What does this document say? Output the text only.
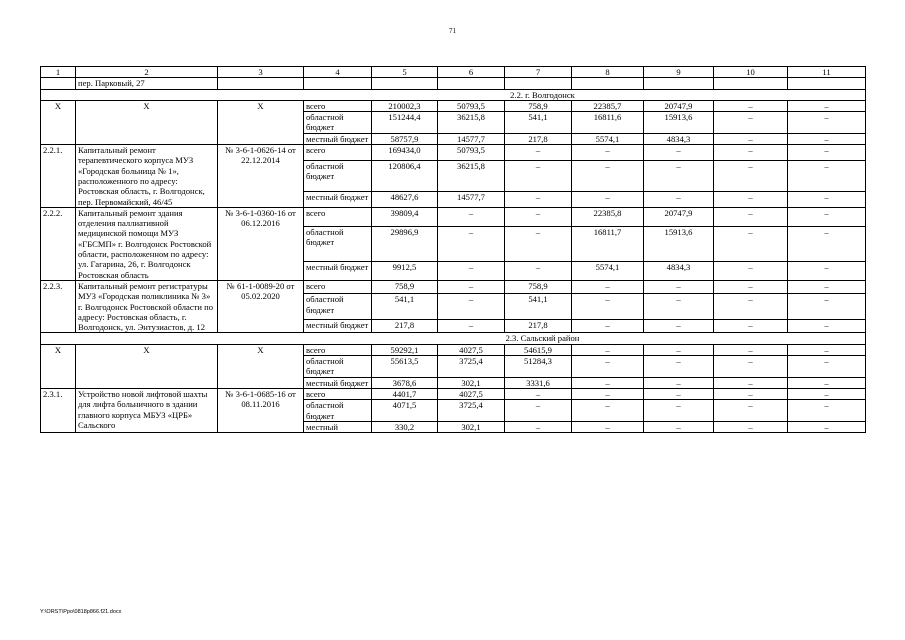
71
1	2	3	4	5	6	7	8	9	10	11
	пер. Парковый, 27									
				2.2. г. Волгодонск						
Х	Х	Х	всего	210002,3	50793,5	758,9	22385,7	20747,9	–	–
			областной бюджет	151244,4	36215,8	541,1	16811,6	15913,6	–	–
			местный бюджет	58757,9	14577,7	217,8	5574,1	4834,3	–	–
2.2.1.	Капитальный ремонт терапевтического корпуса МУЗ «Городская больница № 1», расположенного по адресу: Ростовская область, г. Волгодонск, пер. Первомайский, 46/45	№ 3-6-1-0626-14 от 22.12.2014	всего	169434,0	50793,5	–	–	–	–	–
			областной бюджет	120806,4	36215,8	–	–	–	–	–
			местный бюджет	48627,6	14577,7	–	–	–	–	–
2.2.2.	Капитальный ремонт здания отделения паллиативной медицинской помощи МУЗ «ГБСМП» г. Волгодонск Ростовской области, расположенном по адресу: ул. Гагарина, 26, г. Волгодонск Ростовская область	№ 3-6-1-0360-16 от 06.12.2016	всего	39809,4	–	–	22385,8	20747,9	–	–
			областной бюджет	29896,9	–	–	16811,7	15913,6	–	–
			местный бюджет	9912,5	–	–	5574,1	4834,3	–	–
2.2.3.	Капитальный ремонт регистратуры МУЗ «Городская поликлиника № 3» г. Волгодонск Ростовской области по адресу: Ростовская область, г. Волгодонск, ул. Энтузиастов, д. 12	№ 61-1-0089-20 от 05.02.2020	всего	758,9	–	758,9	–	–	–	–
			областной бюджет	541,1	–	541,1	–	–	–	–
			местный бюджет	217,8	–	217,8	–	–	–	–
				2.3. Сальский район						
Х	Х	Х	всего	59292,1	4027,5	54615,9	–	–	–	–
			областной бюджет	55613,5	3725,4	51284,3	–	–	–	–
			местный бюджет	3678,6	302,1	3331,6	–	–	–	–
2.3.1.	Устройство новой лифтовой шахты для лифта больничного в здании главного корпуса МБУЗ «ЦРБ» Сальского	№ 3-6-1-0685-16 от 08.11.2016	всего	4401,7	4027,5	–	–	–	–	–
			областной бюджет	4071,5	3725,4	–	–	–	–	–
			местный	330,2	302,1	–	–	–	–	–
Y:\ORST\Ppo\0818p866.f21.docx
